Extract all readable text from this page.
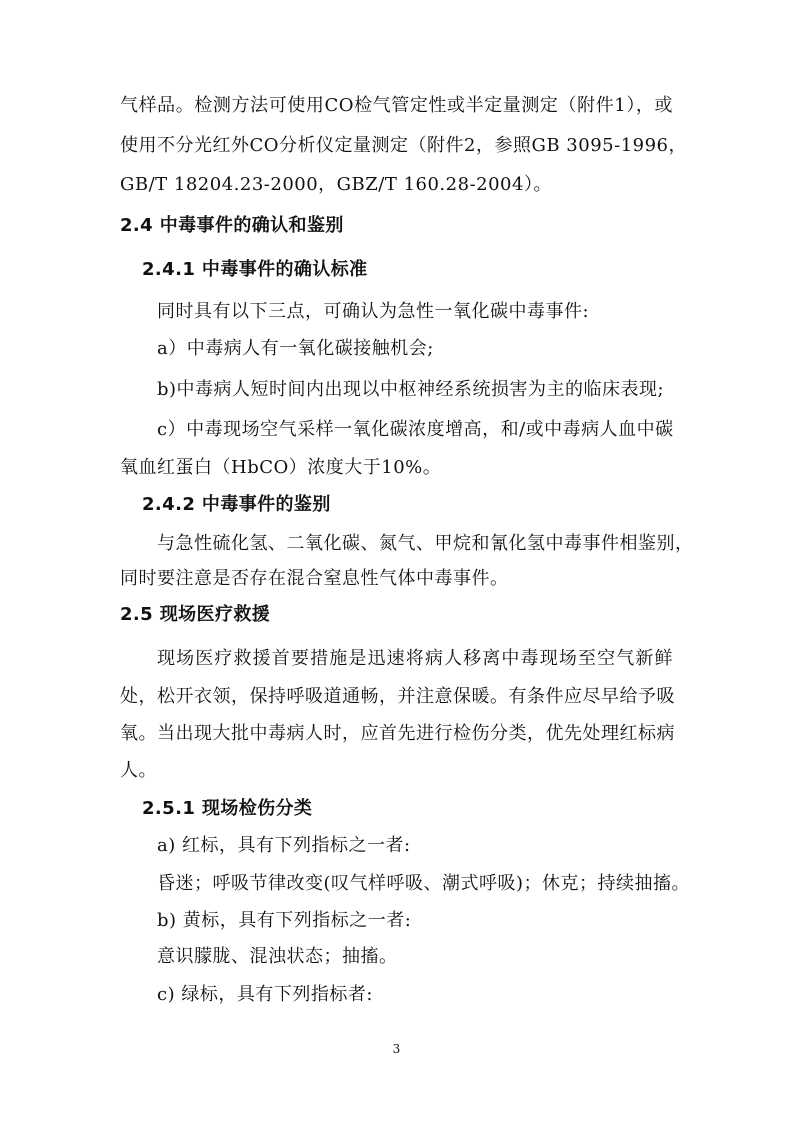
气样品。检测方法可使用CO检气管定性或半定量测定（附件1），或
使用不分光红外CO分析仪定量测定（附件2，参照GB 3095-1996，
GB/T 18204.23-2000，GBZ/T 160.28-2004）。
2.4 中毒事件的确认和鉴别
2.4.1 中毒事件的确认标准
同时具有以下三点，可确认为急性一氧化碳中毒事件:
a）中毒病人有一氧化碳接触机会;
b)中毒病人短时间内出现以中枢神经系统损害为主的临床表现;
c）中毒现场空气采样一氧化碳浓度增高，和/或中毒病人血中碳
氧血红蛋白（HbCO）浓度大于10%。
2.4.2 中毒事件的鉴别
与急性硫化氢、二氧化碳、氮气、甲烷和氰化氢中毒事件相鉴别，
同时要注意是否存在混合窒息性气体中毒事件。
2.5 现场医疗救援
现场医疗救援首要措施是迅速将病人移离中毒现场至空气新鲜
处，松开衣领，保持呼吸道通畅，并注意保暖。有条件应尽早给予吸
氧。当出现大批中毒病人时，应首先进行检伤分类，优先处理红标病
人。
2.5.1 现场检伤分类
a) 红标，具有下列指标之一者:
昏迷；呼吸节律改变(叹气样呼吸、潮式呼吸)；休克；持续抽搐。
b) 黄标，具有下列指标之一者:
意识朦胧、混浊状态；抽搐。
c) 绿标，具有下列指标者:
3
